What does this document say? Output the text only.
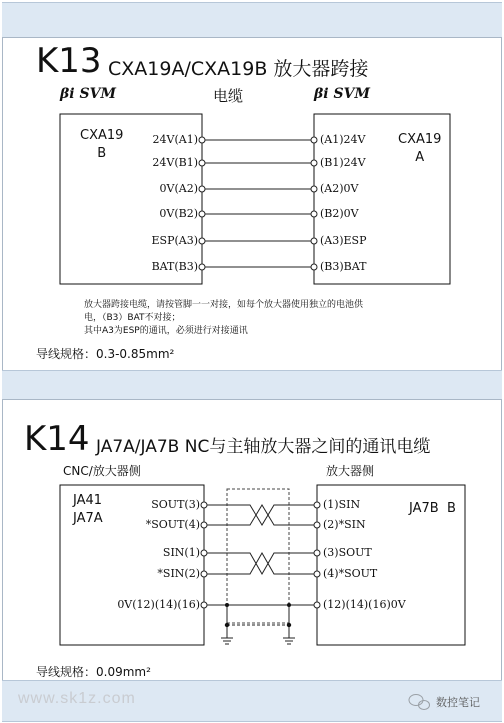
K13 CXA19A/CXA19B 放大器跨接
βi SVM	电缆	βi SVM
CXA19
B
CXA19
A
24V(A1)
24V(B1)
0V(A2)
0V(B2)
ESP(A3)
BAT(B3)
(A1)24V
(B1)24V
(A2)0V
(B2)0V
(A3)ESP
(B3)BAT
放大器跨接电缆，请按管脚一一对接，如每个放大器使用独立的电池供
电，（B3）BAT不对接；
其中A3为ESP的通讯，必须进行对接通讯
导线规格：0.3-0.85mm²
K14 JA7A/JA7B NC与主轴放大器之间的通讯电缆
CNC/放大器侧	放大器侧
JA41
JA7A
JA7B  B
SOUT(3)
*SOUT(4)
SIN(1)
*SIN(2)
0V(12)(14)(16)
(1)SIN
(2)*SIN
(3)SOUT
(4)*SOUT
(12)(14)(16)0V
导线规格：0.09mm²
www.sk1z.com	数控笔记
